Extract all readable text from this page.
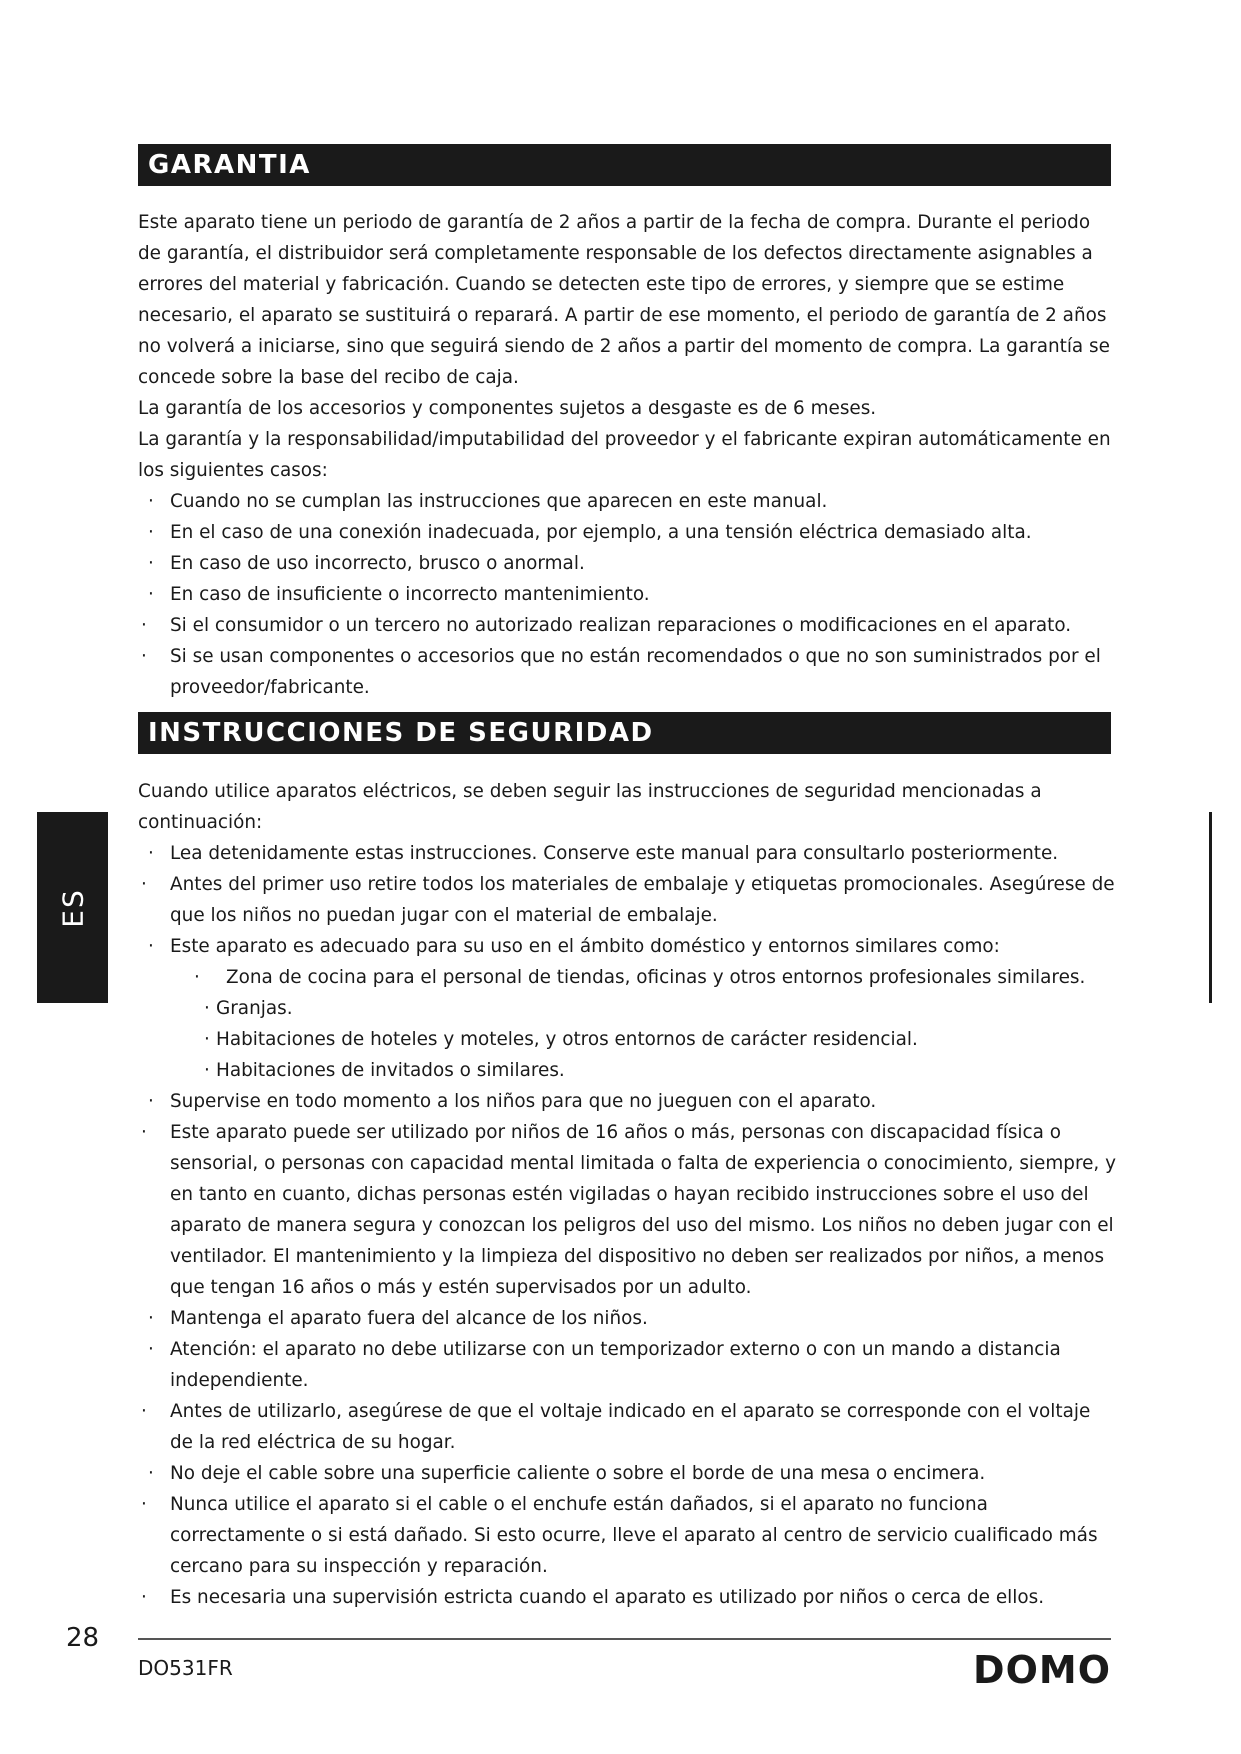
GARANTIA

Este aparato tiene un periodo de garantía de 2 años a partir de la fecha de compra. Durante el periodo de garantía, el distribuidor será completamente responsable de los defectos directamente asignables a errores del material y fabricación. Cuando se detecten este tipo de errores, y siempre que se estime necesario, el aparato se sustituirá o reparará. A partir de ese momento, el periodo de garantía de 2 años no volverá a iniciarse, sino que seguirá siendo de 2 años a partir del momento de compra. La garantía se concede sobre la base del recibo de caja.

La garantía de los accesorios y componentes sujetos a desgaste es de 6 meses.

La garantía y la responsabilidad/imputabilidad del proveedor y el fabricante expiran automáticamente en los siguientes casos:

· Cuando no se cumplan las instrucciones que aparecen en este manual.
· En el caso de una conexión inadecuada, por ejemplo, a una tensión eléctrica demasiado alta.
· En caso de uso incorrecto, brusco o anormal.
· En caso de insuficiente o incorrecto mantenimiento.
· Si el consumidor o un tercero no autorizado realizan reparaciones o modificaciones en el aparato.
· Si se usan componentes o accesorios que no están recomendados o que no son suministrados por el proveedor/fabricante.
INSTRUCCIONES DE SEGURIDAD

Cuando utilice aparatos eléctricos, se deben seguir las instrucciones de seguridad mencionadas a continuación:

· Lea detenidamente estas instrucciones. Conserve este manual para consultarlo posteriormente.
· Antes del primer uso retire todos los materiales de embalaje y etiquetas promocionales. Asegúrese de que los niños no puedan jugar con el material de embalaje.
· Este aparato es adecuado para su uso en el ámbito doméstico y entornos similares como:
· Zona de cocina para el personal de tiendas, oficinas y otros entornos profesionales similares.
· Granjas.
· Habitaciones de hoteles y moteles, y otros entornos de carácter residencial.
· Habitaciones de invitados o similares.
· Supervise en todo momento a los niños para que no jueguen con el aparato.
· Este aparato puede ser utilizado por niños de 16 años o más, personas con discapacidad física o sensorial, o personas con capacidad mental limitada o falta de experiencia o conocimiento, siempre, y en tanto en cuanto, dichas personas estén vigiladas o hayan recibido instrucciones sobre el uso del aparato de manera segura y conozcan los peligros del uso del mismo. Los niños no deben jugar con el ventilador. El mantenimiento y la limpieza del dispositivo no deben ser realizados por niños, a menos que tengan 16 años o más y estén supervisados por un adulto.
· Mantenga el aparato fuera del alcance de los niños.
· Atención: el aparato no debe utilizarse con un temporizador externo o con un mando a distancia independiente.
· Antes de utilizarlo, asegúrese de que el voltaje indicado en el aparato se corresponde con el voltaje de la red eléctrica de su hogar.
· No deje el cable sobre una superficie caliente o sobre el borde de una mesa o encimera.
· Nunca utilice el aparato si el cable o el enchufe están dañados, si el aparato no funciona correctamente o si está dañado. Si esto ocurre, lleve el aparato al centro de servicio cualificado más cercano para su inspección y reparación.
· Es necesaria una supervisión estricta cuando el aparato es utilizado por niños o cerca de ellos.
ES
28
DO531FR	DOMO
